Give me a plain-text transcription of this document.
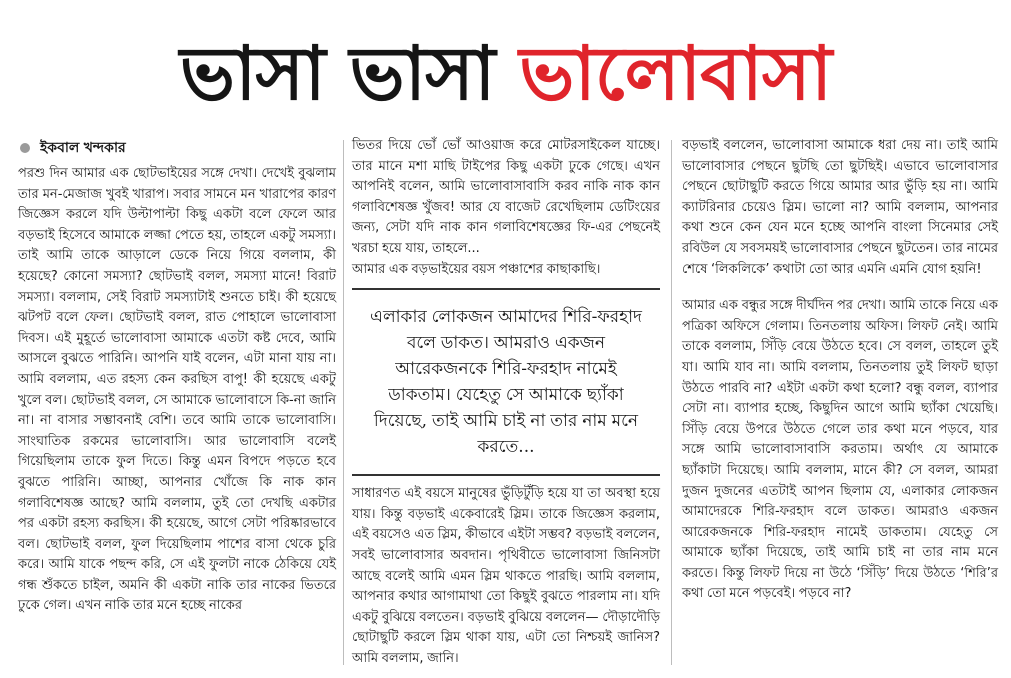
ভাসা ভাসা ভালোবাসা
ইকবাল খন্দকার

পরশু দিন আমার এক ছোটভাইয়ের সঙ্গে দেখা। দেখেই বুঝলাম তার মন-মেজাজ খুবই খারাপ। সবার সামনে মন খারাপের কারণ জিজ্ঞেস করলে যদি উল্টাপাল্টা কিছু একটা বলে ফেলে আর বড়ভাই হিসেবে আমাকে লজ্জা পেতে হয়, তাহলে একটু সমস্যা। তাই আমি তাকে আড়ালে ডেকে নিয়ে গিয়ে বললাম, কী হয়েছে? কোনো সমস্যা? ছোটভাই বলল, সমস্যা মানে! বিরাট সমস্যা। বললাম, সেই বিরাট সমস্যাটাই শুনতে চাই। কী হয়েছে ঝটপট বলে ফেল। ছোটভাই বলল, রাত পোহালে ভালোবাসা দিবস। এই মুহূর্তে ভালোবাসা আমাকে এতটা কষ্ট দেবে, আমি আসলে বুঝতে পারিনি। আপনি যাই বলেন, এটা মানা যায় না। আমি বললাম, এত রহস্য কেন করছিস বাপু! কী হয়েছে একটু খুলে বল। ছোটভাই বলল, সে আমাকে ভালোবাসে কি-না জানি না। না বাসার সম্ভাবনাই বেশি। তবে আমি তাকে ভালোবাসি। সাংঘাতিক রকমের ভালোবাসি। আর ভালোবাসি বলেই গিয়েছিলাম তাকে ফুল দিতে। কিন্তু এমন বিপদে পড়তে হবে বুঝতে পারিনি। আচ্ছা, আপনার খোঁজে কি নাক কান গলাবিশেষজ্ঞ আছে? আমি বললাম, তুই তো দেখছি একটার পর একটা রহস্য করছিস। কী হয়েছে, আগে সেটা পরিষ্কারভাবে বল। ছোটভাই বলল, ফুল দিয়েছিলাম পাশের বাসা থেকে চুরি করে। আমি যাকে পছন্দ করি, সে এই ফুলটা নাকে ঠেকিয়ে যেই গন্ধ শুঁকতে চাইল, অমনি কী একটা নাকি তার নাকের ভিতরে ঢুকে গেল। এখন নাকি তার মনে হচ্ছে নাকের

ভিতর দিয়ে ভোঁ ভোঁ আওয়াজ করে মোটরসাইকেল যাচ্ছে। তার মানে মশা মাছি টাইপের কিছু একটা ঢুকে গেছে। এখন আপনিই বলেন, আমি ভালোবাসাবাসি করব নাকি নাক কান গলাবিশেষজ্ঞ খুঁজব! আর যে বাজেট রেখেছিলাম ডেটিংয়ের জন্য, সেটা যদি নাক কান গলাবিশেষজ্ঞের ফি-এর পেছনেই খরচা হয়ে যায়, তাহলে...

আমার এক বড়ভাইয়ের বয়স পঞ্চাশের কাছাকাছি।

এলাকার লোকজন আমাদের শিরি-ফরহাদ বলে ডাকত। আমরাও একজন আরেকজনকে শিরি-ফরহাদ নামেই ডাকতাম। যেহেতু সে আমাকে ছ্যাঁকা দিয়েছে, তাই আমি চাই না তার নাম মনে করতে...

সাধারণত এই বয়সে মানুষের ভুঁড়িটুঁড়ি হয়ে যা তা অবস্থা হয়ে যায়। কিন্তু বড়ভাই একেবারেই স্লিম। তাকে জিজ্ঞেস করলাম, এই বয়সেও এত স্লিম, কীভাবে এইটা সম্ভব? বড়ভাই বললেন, সবই ভালোবাসার অবদান। পৃথিবীতে ভালোবাসা জিনিসটা আছে বলেই আমি এমন স্লিম থাকতে পারছি। আমি বললাম, আপনার কথার আগামাথা তো কিছুই বুঝতে পারলাম না। যদি একটু বুঝিয়ে বলতেন। বড়ভাই বুঝিয়ে বললেন— দৌড়াদৌড়ি ছোটাছুটি করলে স্লিম থাকা যায়, এটা তো নিশ্চয়ই জানিস? আমি বললাম, জানি।

বড়ভাই বললেন, ভালোবাসা আমাকে ধরা দেয় না। তাই আমি ভালোবাসার পেছনে ছুটছি তো ছুটছিই। এভাবে ভালোবাসার পেছনে ছোটাছুটি করতে গিয়ে আমার আর ভুঁড়ি হয় না। আমি ক্যাটরিনার চেয়েও স্লিম। ভালো না? আমি বললাম, আপনার কথা শুনে কেন যেন মনে হচ্ছে আপনি বাংলা সিনেমার সেই রবিউল যে সবসময়ই ভালোবাসার পেছনে ছুটতেন। তার নামের শেষে ‘লিকলিকে’ কথাটা তো আর এমনি এমনি যোগ হয়নি!

আমার এক বন্ধুর সঙ্গে দীর্ঘদিন পর দেখা। আমি তাকে নিয়ে এক পত্রিকা অফিসে গেলাম। তিনতলায় অফিস। লিফট নেই। আমি তাকে বললাম, সিঁড়ি বেয়ে উঠতে হবে। সে বলল, তাহলে তুই যা। আমি যাব না। আমি বললাম, তিনতলায় তুই লিফট ছাড়া উঠতে পারবি না? এইটা একটা কথা হলো? বন্ধু বলল, ব্যাপার সেটা না। ব্যাপার হচ্ছে, কিছুদিন আগে আমি ছ্যাঁকা খেয়েছি। সিঁড়ি বেয়ে উপরে উঠতে গেলে তার কথা মনে পড়বে, যার সঙ্গে আমি ভালোবাসাবাসি করতাম। অর্থাৎ যে আমাকে ছ্যাঁকাটা দিয়েছে। আমি বললাম, মানে কী? সে বলল, আমরা দুজন দুজনের এতটাই আপন ছিলাম যে, এলাকার লোকজন আমাদেরকে শিরি-ফরহাদ বলে ডাকত। আমরাও একজন আরেকজনকে শিরি-ফরহাদ নামেই ডাকতাম। যেহেতু সে আমাকে ছ্যাঁকা দিয়েছে, তাই আমি চাই না তার নাম মনে করতে। কিন্তু লিফট দিয়ে না উঠে ‘সিঁড়ি’ দিয়ে উঠতে ‘শিরি’র কথা তো মনে পড়বেই। পড়বে না?
